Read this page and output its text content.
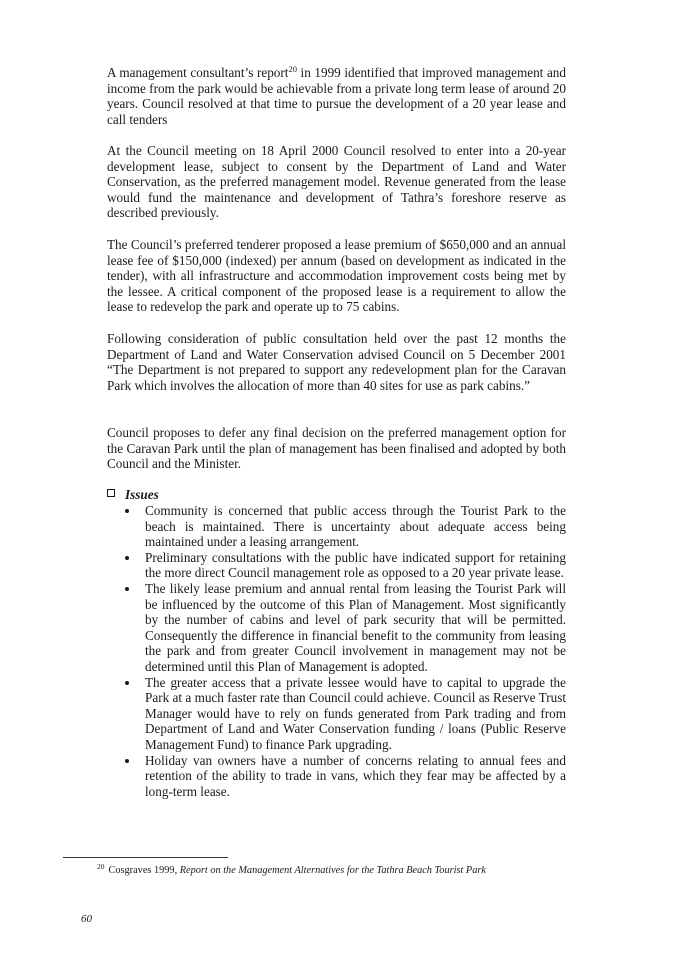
A management consultant’s report$^{20}$ in 1999 identified that improved management and income from the park would be achievable from a private long term lease of around 20 years. Council resolved at that time to pursue the development of a 20 year lease and call tenders

At the Council meeting on 18 April 2000 Council resolved to enter into a 20-year development lease, subject to consent by the Department of Land and Water Conservation, as the preferred management model. Revenue generated from the lease would fund the maintenance and development of Tathra’s foreshore reserve as described previously.

The Council’s preferred tenderer proposed a lease premium of $650,000 and an annual lease fee of $150,000 (indexed) per annum (based on development as indicated in the tender), with all infrastructure and accommodation improvement costs being met by the lessee. A critical component of the proposed lease is a requirement to allow the lease to redevelop the park and operate up to 75 cabins.

Following consideration of public consultation held over the past 12 months the Department of Land and Water Conservation advised Council on 5 December 2001 “The Department is not prepared to support any redevelopment plan for the Caravan Park which involves the allocation of more than 40 sites for use as park cabins.”

Council proposes to defer any final decision on the preferred management option for the Caravan Park until the plan of management has been finalised and adopted by both Council and the Minister.

Issues
Community is concerned that public access through the Tourist Park to the beach is maintained. There is uncertainty about adequate access being maintained under a leasing arrangement.
Preliminary consultations with the public have indicated support for retaining the more direct Council management role as opposed to a 20 year private lease.
The likely lease premium and annual rental from leasing the Tourist Park will be influenced by the outcome of this Plan of Management. Most significantly by the number of cabins and level of park security that will be permitted. Consequently the difference in financial benefit to the community from leasing the park and from greater Council involvement in management may not be determined until this Plan of Management is adopted.
The greater access that a private lessee would have to capital to upgrade the Park at a much faster rate than Council could achieve. Council as Reserve Trust Manager would have to rely on funds generated from Park trading and from Department of Land and Water Conservation funding / loans (Public Reserve Management Fund) to finance Park upgrading.
Holiday van owners have a number of concerns relating to annual fees and retention of the ability to trade in vans, which they fear may be affected by a long-term lease.
$^{20}$ Cosgraves 1999, Report on the Management Alternatives for the Tathra Beach Tourist Park
60
